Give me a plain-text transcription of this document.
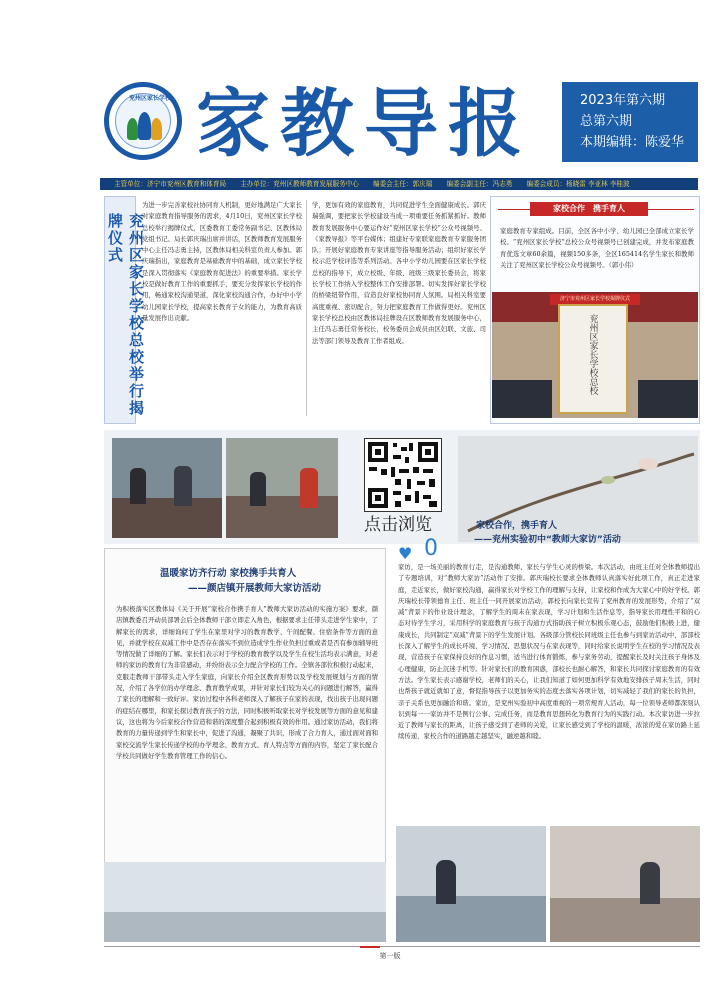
兖州区家长学校 家教导报	2023年第六期
总第六期
本期编辑：陈爱华
主管单位：济宁市兖州区教育和体育局 主办单位：兖州区教师教育发展服务中心 编委会主任：郭庆瑞 编委会副主任：冯志勇 编委会成员：杨晓雷 李亚林 李桂波
兖州区家长学校总校举行揭牌仪式
为进一步完善家校社协同育人机制，更好地满足广大家长对家庭教育指导服务的需求，4月10日，兖州区家长学校总校举行揭牌仪式，区委教育工委常务副书记、区教体局党组书记、局长郭庆瑞出席并讲话，区教师教育发展服务中心主任冯志勇主持，区教体局相关科室负责人参加。郭庆瑞指出，家庭教育是基础教育中的基础，成立家长学校是深入贯彻落实《家庭教育促进法》的重要举措。家长学校是做好教育工作的重要抓手，要充分发挥家长学校的作用，畅通家校沟通渠道，深化家校沟通合作，办好中小学幼儿园家长学校，提高家长教育子女的能力，为教育高质量发展作出贡献。
学，更加有效的家庭教育，共同促进学生全面健康成长。郭庆瑞强调，要把家长学校建设当成一项重要任务抓紧抓好。教师教育发展服务中心要运作好“兖州区家长学校”公众号视频号、《家教导报》等平台媒体；组建好专家联家庭教育专家服务团队；开展好家庭教育专家讲座等指导服务活动；组织好家长学校示范学校评选等系列活动。各中小学幼儿园要在区家长学校总校的指导下，成立校级、年级、班级三级家长委员会，将家长学校工作纳入学校整体工作安排部署。切实发挥好家长学校的桥梁纽带作用，营造良好家校协同育人氛围。局相关科室要高度重视、密切配合，努力把家庭教育工作做得更好。兖州区家长学校总校由区教体局挂牌设在区教师教育发展服务中心，主任冯志勇任常务校长，校务委员会成员由区妇联、文旅、司法等部门领导及教育工作者组成。
家校合作　携手育人
家庭教育专家组成。目前，全区各中小学、幼儿园已全部成立家长学校。“兖州区家长学校”总校公众号视频号已创建完成，并发布家庭教育优选文章60余篇，视频150多条，全区165414名学生家长和教师关注了兖州区家长学校公众号视频号。（郭小伟）
济宁市兖州区家长学校揭牌仪式
兖州区家长学校总校
点击浏览	家校合作，携手育人
——兖州实验初中“教师大家访”活动
温暖家访齐行动 家校携手共育人
——颜店镇开展教师大家访活动
为积极落实区教体局《关于开展“家校合作携手育人”教师大家访活动的实施方案》要求，颜店镇教委召开动员部署会后全体教师干部立即走入角色，根据要求主任带头走进学生家中，了解家长的需求，详细询问了学生在家里对学习的教育教学、午间配餐、住宿条件等方面的意见，并就学校在双减工作中是否存在落实不到位造成学生作业负担过重或者是否有参加辅导班等情况做了详细的了解。家长们表示对于学校的教育教学以及学生在校生活均表示满意，对老师的家访的教育行为非常感动，并纷纷表示全力配合学校的工作。全镇各部位积极行动起来，克服走教师干部带头走入学生家庭，向家长介绍全区教育形势以及学校发展规划与方面的情况，介绍了各学位的办学理念、教育教学成果，并针对家长们较为关心的问题进行解答，赢得了家长的理解和一致好评。家访过程中各科老师深入了解孩子在家的表现，找出孩子出现问题的症结在哪里，和家长探讨教育孩子的方法，同时积极听取家长对学校发展等方面的意见和建议，这也将为今后家校合作营造和谐的深度整合起到积极有效的作用。通过家访活动，我们将教育的力量传递到学生和家长中，促进了沟通，凝聚了共识，形成了合力育人，通过面对面和家校交流学生家长传递学校的办学理念、教育方式、育人特点等方面的内容，坚定了家长配合学校共同做好学生教育管理工作的信心。
♥ 0
家访，是一场美丽的教育行走，是沟通教师、家长与学生心灵的桥梁。本次活动，由班主任对全体教师提出了专题培训，对“教师大家访”活动作了安排。郭庆瑞校长要求全体教师认真落实好此项工作，真正走进家庭，走近家长，做好家校沟通，赢得家长对学校工作的理解与支持，让家校和作成为大家心中的好学校。郭庆瑞校长带领德育主任、班主任一同开展家访活动，郭校长向家长宣传了兖州教育的发展形势，介绍了“双减”背景下的作业设计理念，了解学生的周末在家表现，学习计划和生活作息等，指导家长用理性平和的心态对待学生学习，采用科学的家庭教育与孩子沟通方式指助孩子树立积极乐观心态，鼓励他们积极上进，健康成长，共同制定“双减”背景下的学生发展计划。各级部分管校长同班级主任也参与到家访活动中，部部校长深入了解学生的成长环境、学习情况、思想状况与在家表现等，同时给家长说明学生在校的学习情况及表现，营造孩子在家保持良好的作息习惯，适当进行体育锻炼，参与家务劳动，提醒家长及时关注孩子身体及心理健康，防止沉迷手机等。针对家长们的教育困惑，部校长也耐心解答，和家长共同探讨家庭教育的有效方法。学生家长表示感谢学校，老师们的关心，让我们知道了如何更加科学有效地安排孩子周末生活，同时也帮孩子就近就如了意，督促指导孩子以更加务实的态度去落实各项计划，切实减轻了我们的家长的负担，亲子关系也更加融洽和谐。家访，是兖州实验初中高度重视的一项常规育人活动，每一位领导老师都深刻认识到每一一家访并不是例行公事、完成任务，而是教育思想转化为教育行为的实践行动。本次家访进一步拉近了教师与家长的距离，让孩子感受到了老师的关爱，让家长感受到了学校的温暖，浓浓的爱在家访路上延续传递，家校合作的道路越走越坚实，融逆越和睦。
第一版
